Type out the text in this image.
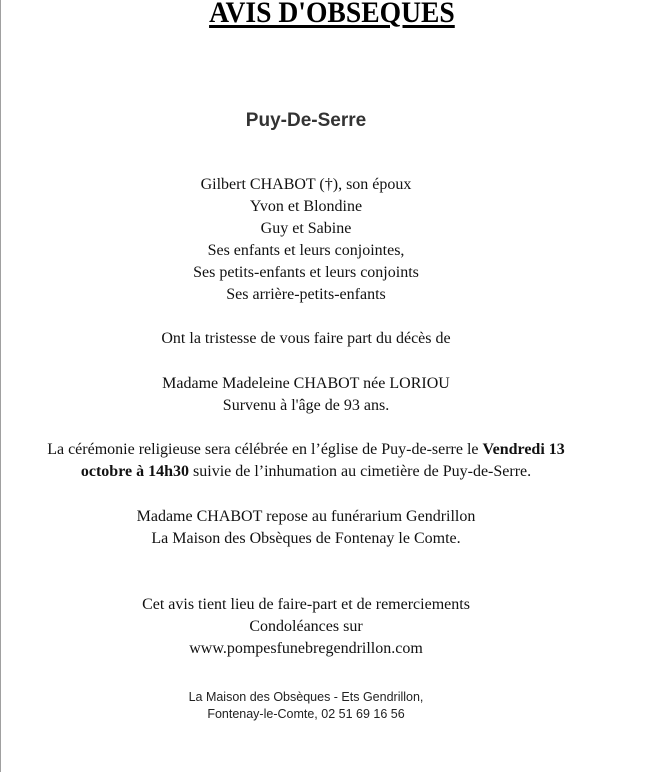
AVIS D'OBSEQUES
Puy-De-Serre
Gilbert CHABOT (†), son époux
Yvon et Blondine
Guy et Sabine
Ses enfants et leurs conjointes,
Ses petits-enfants et leurs conjoints
Ses arrière-petits-enfants
Ont la tristesse de vous faire part du décès de
Madame Madeleine CHABOT née LORIOU
Survenu à l'âge de 93 ans.
La cérémonie religieuse sera célébrée en l’église de Puy-de-serre le Vendredi 13
octobre à 14h30 suivie de l’inhumation au cimetière de Puy-de-Serre.
Madame CHABOT repose au funérarium Gendrillon
La Maison des Obsèques de Fontenay le Comte.
Cet avis tient lieu de faire-part et de remerciements
Condoléances sur
www.pompesfunebregendrillon.com
La Maison des Obsèques - Ets Gendrillon,
Fontenay-le-Comte, 02 51 69 16 56
